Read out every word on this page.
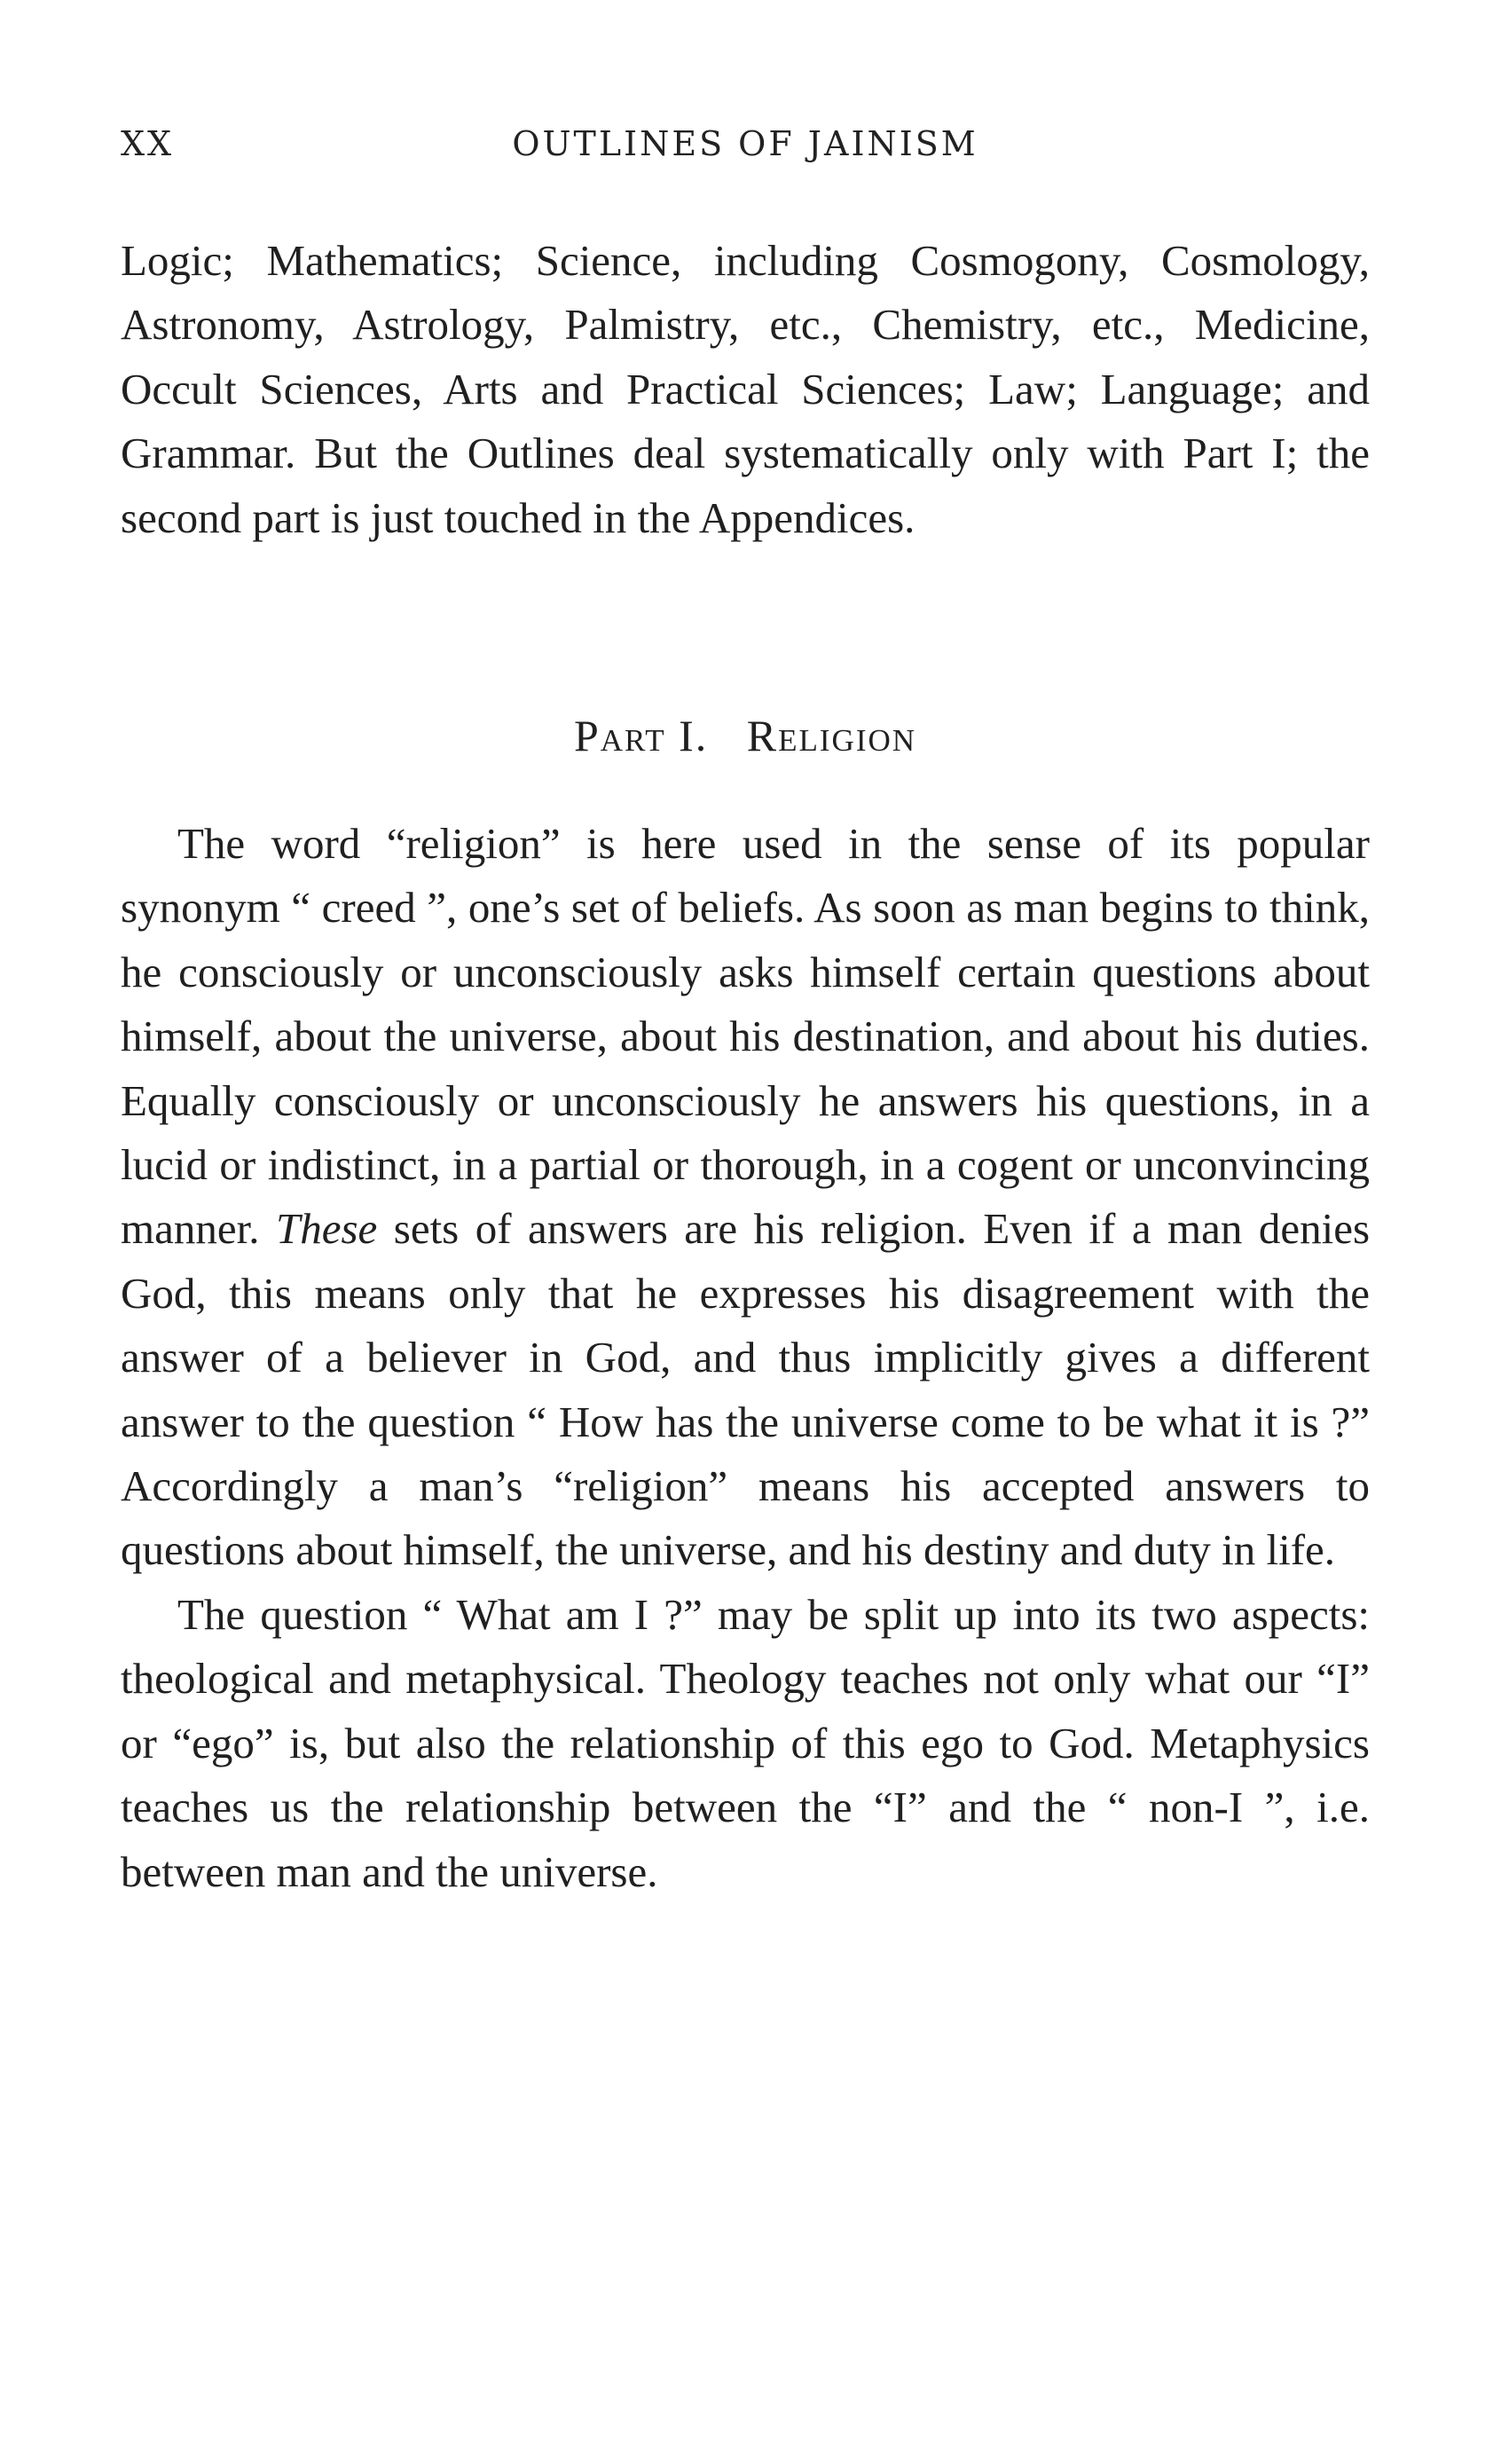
XX	OUTLINES OF JAINISM

Logic; Mathematics; Science, including Cosmogony, Cosmology, Astronomy, Astrology, Palmistry, etc., Chemistry, etc., Medicine, Occult Sciences, Arts and Practical Sciences; Law; Language; and Grammar. But the Outlines deal systematically only with Part I; the second part is just touched in the Appendices.

Part I. Religion

The word “religion” is here used in the sense of its popular synonym “ creed ”, one’s set of beliefs. As soon as man begins to think, he consciously or unconsciously asks himself certain questions about himself, about the universe, about his destination, and about his duties. Equally consciously or unconsciously he answers his questions, in a lucid or indistinct, in a partial or thorough, in a cogent or unconvincing manner. These sets of answers are his religion. Even if a man denies God, this means only that he expresses his disagreement with the answer of a believer in God, and thus implicitly gives a different answer to the question “ How has the universe come to be what it is ?” Accordingly a man’s “religion” means his accepted answers to questions about himself, the universe, and his destiny and duty in life.

The question “ What am I ?” may be split up into its two aspects: theological and metaphysical. Theology teaches not only what our “I” or “ego” is, but also the relationship of this ego to God. Metaphysics teaches us the relationship between the “I” and the “ non-I ”, i.e. between man and the universe.
